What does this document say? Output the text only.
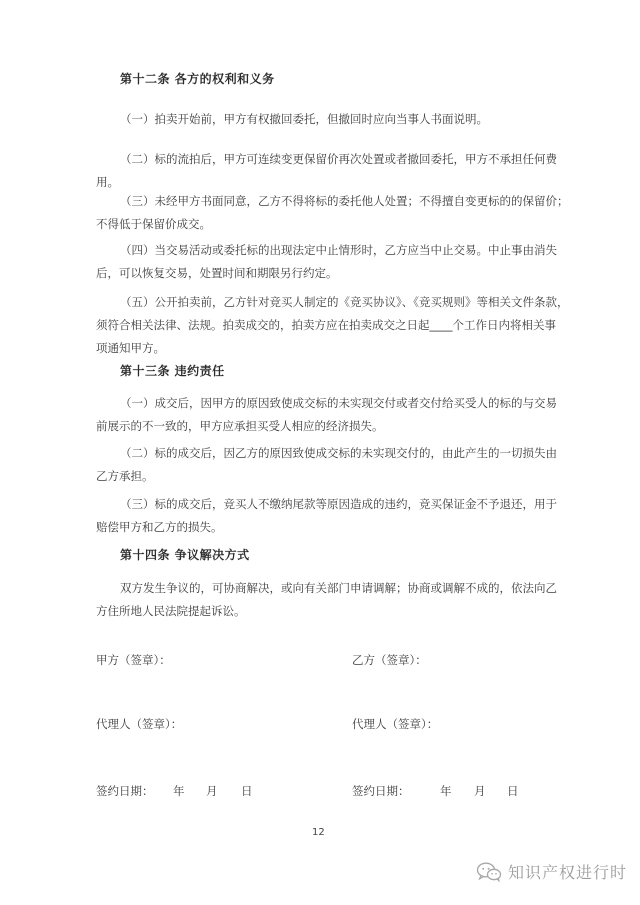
第十二条 各方的权利和义务
（一）拍卖开始前，甲方有权撤回委托，但撤回时应向当事人书面说明。
（二）标的流拍后，甲方可连续变更保留价再次处置或者撤回委托，甲方不承担任何费
用。
（三）未经甲方书面同意，乙方不得将标的委托他人处置；不得擅自变更标的的保留价；
不得低于保留价成交。
（四）当交易活动或委托标的出现法定中止情形时，乙方应当中止交易。中止事由消失
后，可以恢复交易，处置时间和期限另行约定。
（五）公开拍卖前，乙方针对竞买人制定的《竞买协议》、《竞买规则》等相关文件条款，
须符合相关法律、法规。拍卖成交的，拍卖方应在拍卖成交之日起____个工作日内将相关事
项通知甲方。
第十三条 违约责任
（一）成交后，因甲方的原因致使成交标的未实现交付或者交付给买受人的标的与交易
前展示的不一致的，甲方应承担买受人相应的经济损失。
（二）标的成交后，因乙方的原因致使成交标的未实现交付的，由此产生的一切损失由
乙方承担。
（三）标的成交后，竞买人不缴纳尾款等原因造成的违约，竞买保证金不予退还，用于
赔偿甲方和乙方的损失。
第十四条 争议解决方式
双方发生争议的，可协商解决，或向有关部门申请调解；协商或调解不成的，依法向乙
方住所地人民法院提起诉讼。
甲方（签章）：	乙方（签章）：
代理人（签章）：	代理人（签章）：
签约日期： 年 月 日	签约日期：	年 月 日
12
知识产权进行时
